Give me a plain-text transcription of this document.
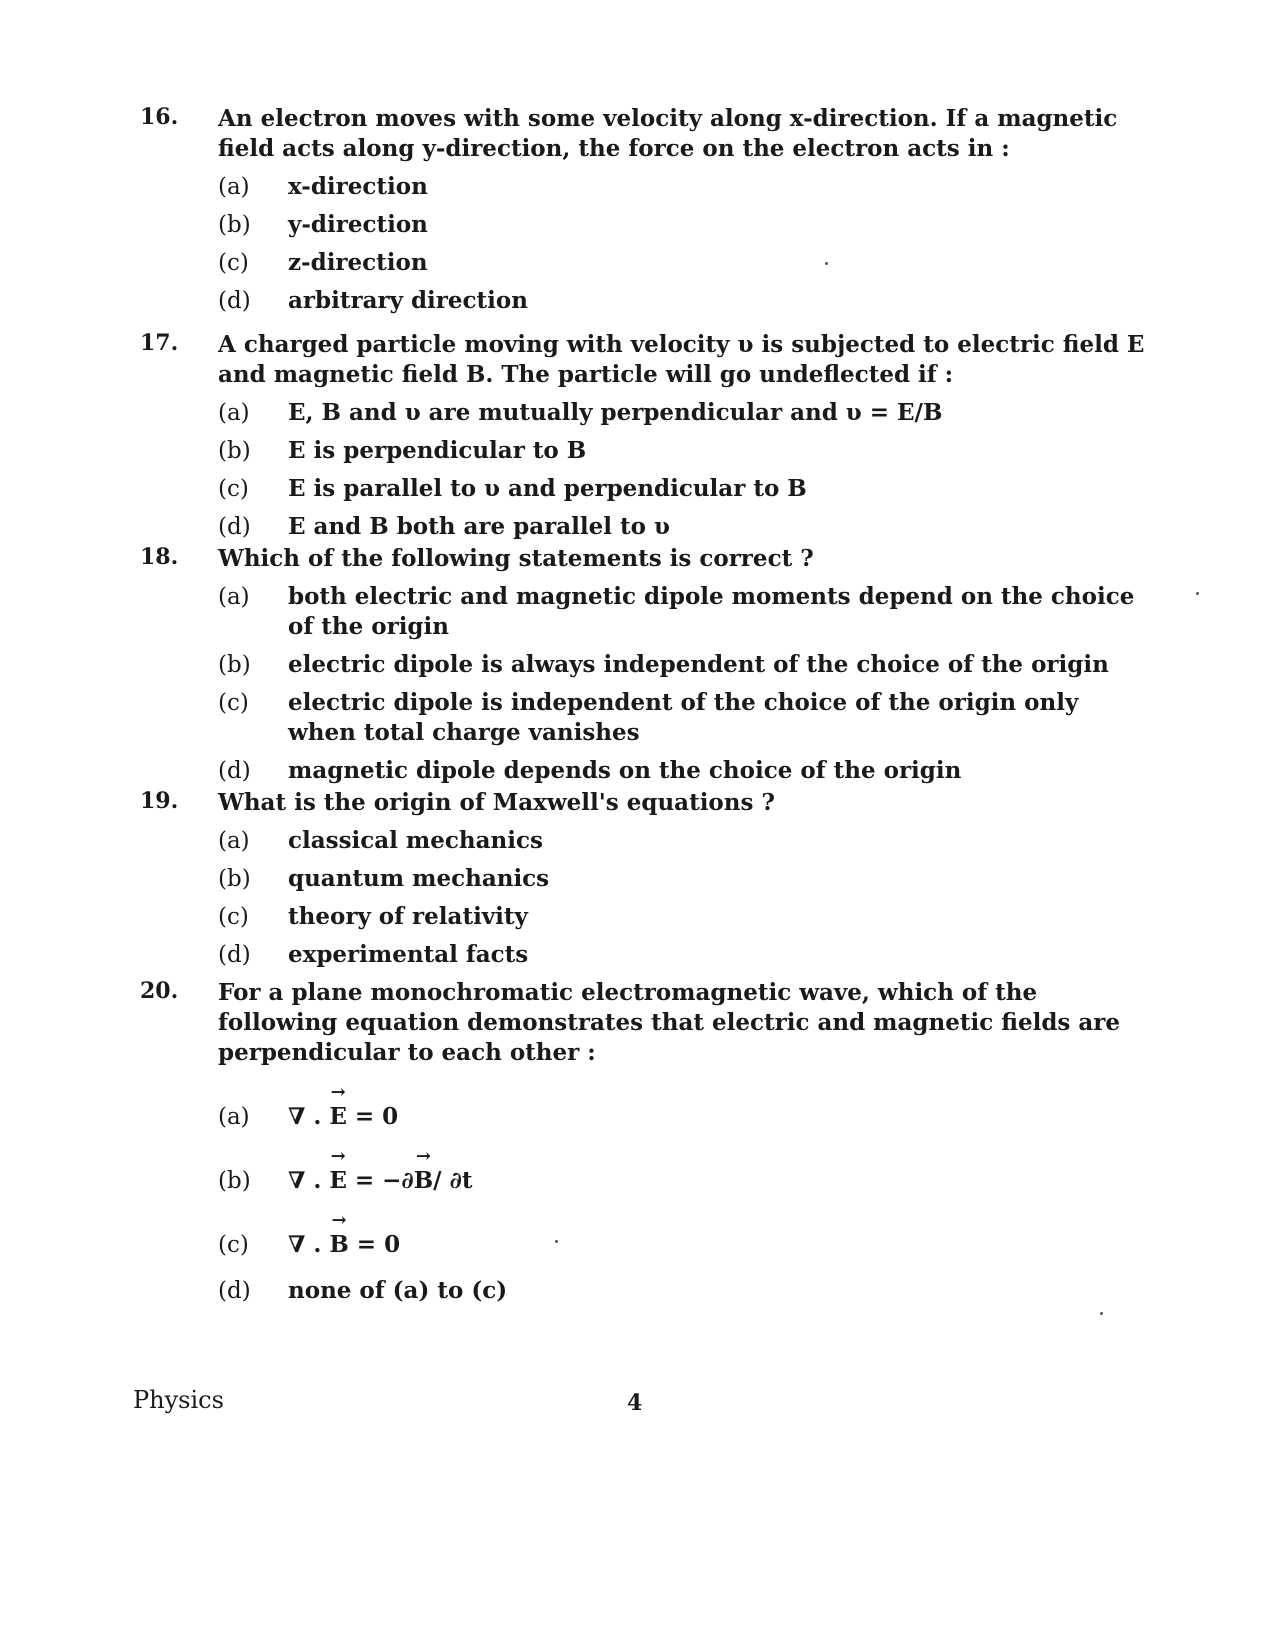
16. An electron moves with some velocity along x-direction. If a magnetic field acts along y-direction, the force on the electron acts in :
(a) x-direction
(b) y-direction
(c) z-direction
(d) arbitrary direction
17. A charged particle moving with velocity υ is subjected to electric field E and magnetic field B. The particle will go undeflected if :
(a) E, B and υ are mutually perpendicular and υ = E/B
(b) E is perpendicular to B
(c) E is parallel to υ and perpendicular to B
(d) E and B both are parallel to υ
18. Which of the following statements is correct ?
(a) both electric and magnetic dipole moments depend on the choice of the origin
(b) electric dipole is always independent of the choice of the origin
(c) electric dipole is independent of the choice of the origin only when total charge vanishes
(d) magnetic dipole depends on the choice of the origin
19. What is the origin of Maxwell's equations ?
(a) classical mechanics
(b) quantum mechanics
(c) theory of relativity
(d) experimental facts
20. For a plane monochromatic electromagnetic wave, which of the following equation demonstrates that electric and magnetic fields are perpendicular to each other :
(a) ∇ . → E = 0
(b) ∇ . → E = −∂→ B/ ∂t
(c) ∇ . → B = 0
(d) none of (a) to (c)
Physics	4
